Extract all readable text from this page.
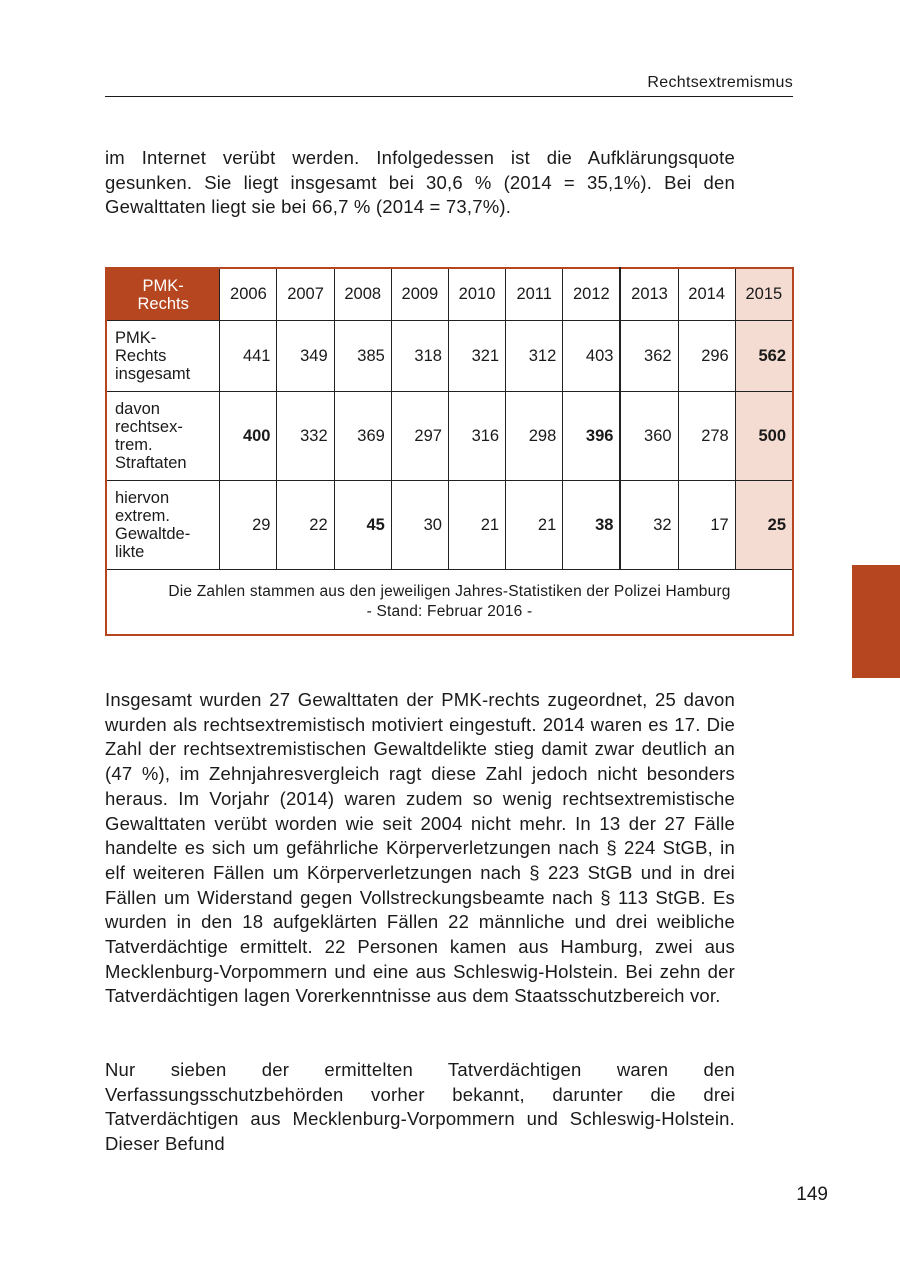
Rechtsextremismus

im Internet verübt werden. Infolgedessen ist die Aufklärungsquote gesunken. Sie liegt insgesamt bei 30,6 % (2014 = 35,1%). Bei den Gewalttaten liegt sie bei 66,7 % (2014 = 73,7%).

PMK-
Rechts	2006	2007	2008	2009	2010	2011	2012	2013	2014	2015
PMK-
Rechts
insgesamt	441	349	385	318	321	312	403	362	296	562
davon
rechtsex-
trem.
Straftaten	400	332	369	297	316	298	396	360	278	500
hiervon
extrem.
Gewaltde-
likte	29	22	45	30	21	21	38	32	17	25
Die Zahlen stammen aus den jeweiligen Jahres-Statistiken der Polizei Hamburg
- Stand: Februar 2016 -										

Insgesamt wurden 27 Gewalttaten der PMK-rechts zugeordnet, 25 davon wurden als rechtsextremistisch motiviert eingestuft. 2014 waren es 17. Die Zahl der rechtsextremistischen Gewaltdelikte stieg damit zwar deutlich an (47 %), im Zehnjahresvergleich ragt diese Zahl jedoch nicht besonders heraus. Im Vorjahr (2014) waren zudem so wenig rechtsextremistische Gewalttaten verübt worden wie seit 2004 nicht mehr. In 13 der 27 Fälle handelte es sich um gefährliche Körperverletzungen nach § 224 StGB, in elf weiteren Fällen um Körperverletzungen nach § 223 StGB und in drei Fällen um Widerstand gegen Vollstreckungsbeamte nach § 113 StGB. Es wurden in den 18 aufgeklärten Fällen 22 männliche und drei weibliche Tatverdächtige ermittelt. 22 Personen kamen aus Hamburg, zwei aus Mecklenburg-Vorpommern und eine aus Schleswig-Holstein. Bei zehn der Tatverdächtigen lagen Vorerkenntnisse aus dem Staatsschutzbereich vor.

Nur sieben der ermittelten Tatverdächtigen waren den Verfassungsschutzbehörden vorher bekannt, darunter die drei Tatverdächtigen aus Mecklenburg-Vorpommern und Schleswig-Holstein. Dieser Befund

149
